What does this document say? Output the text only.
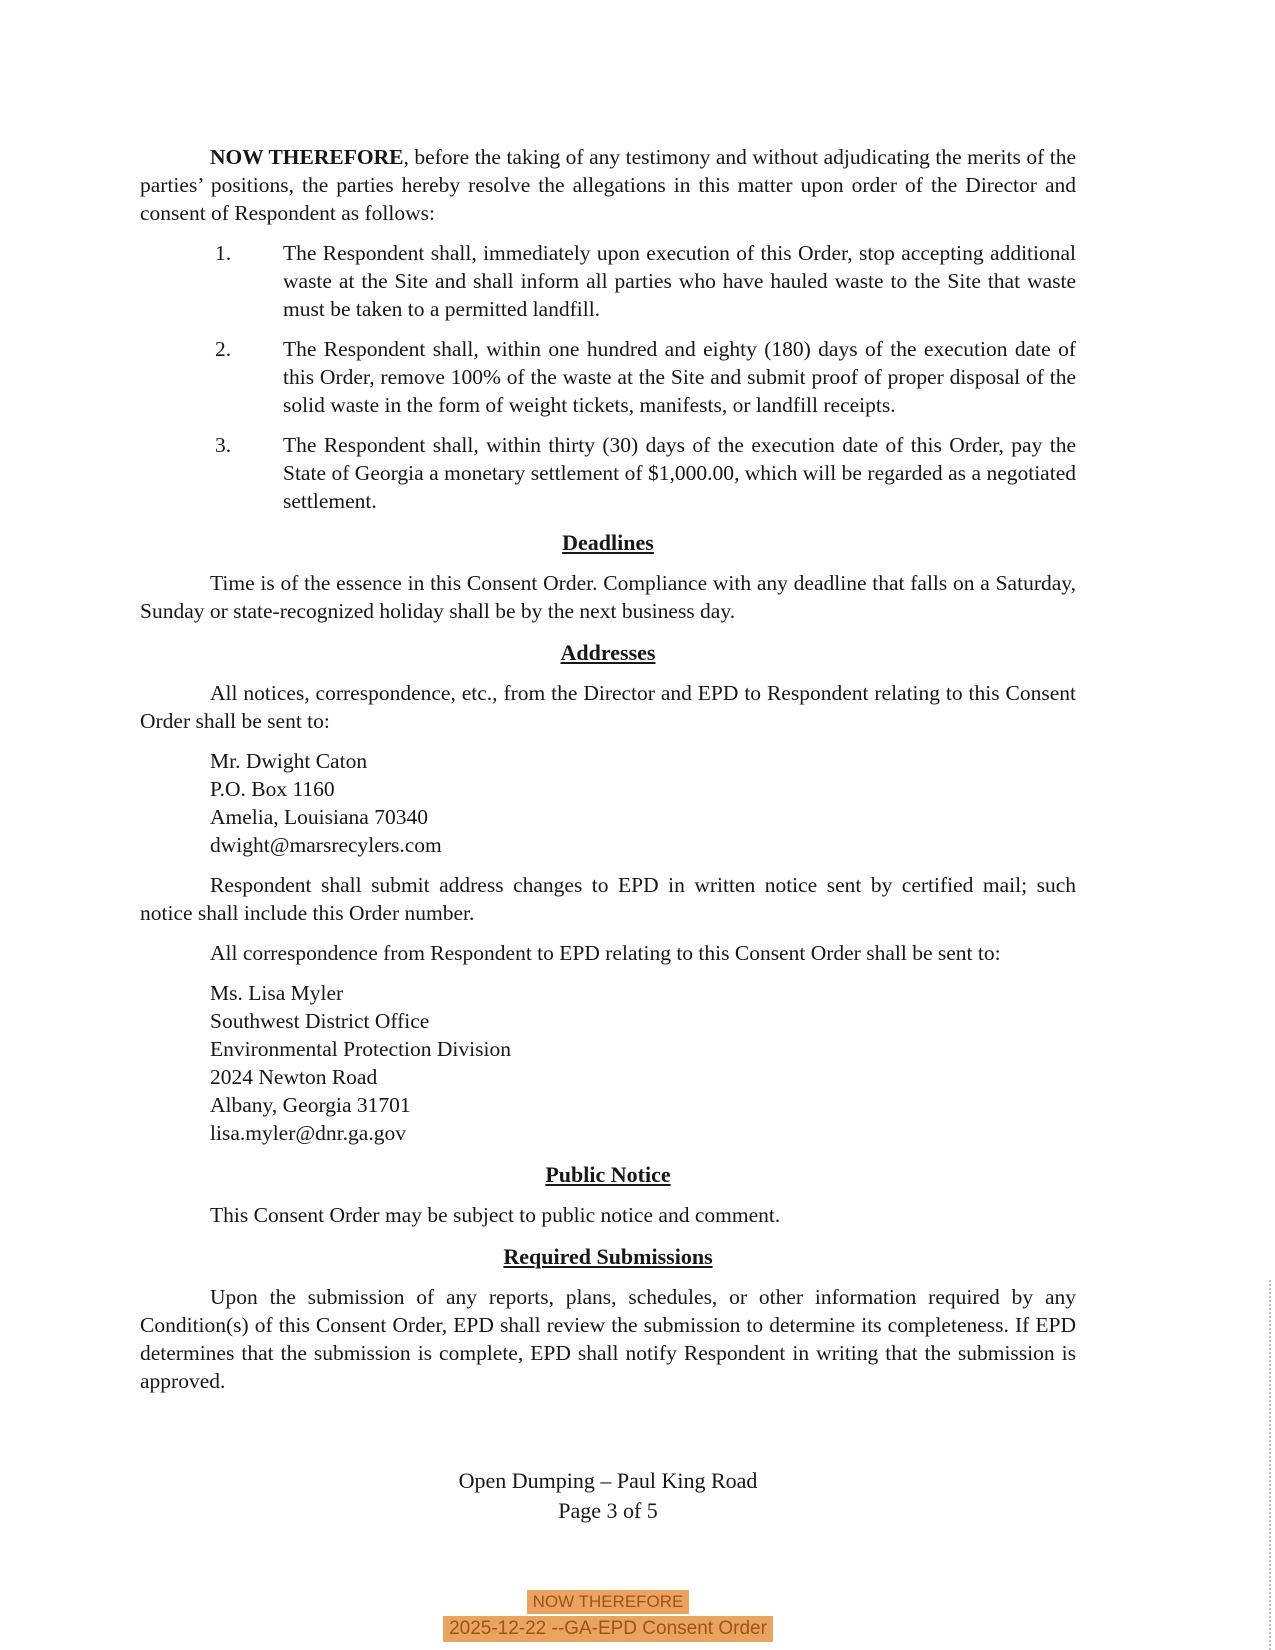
NOW THEREFORE, before the taking of any testimony and without adjudicating the merits of the parties’ positions, the parties hereby resolve the allegations in this matter upon order of the Director and consent of Respondent as follows:

1.	The Respondent shall, immediately upon execution of this Order, stop accepting additional waste at the Site and shall inform all parties who have hauled waste to the Site that waste must be taken to a permitted landfill.
2.	The Respondent shall, within one hundred and eighty (180) days of the execution date of this Order, remove 100% of the waste at the Site and submit proof of proper disposal of the solid waste in the form of weight tickets, manifests, or landfill receipts.
3.	The Respondent shall, within thirty (30) days of the execution date of this Order, pay the State of Georgia a monetary settlement of $1,000.00, which will be regarded as a negotiated settlement.
Deadlines

Time is of the essence in this Consent Order. Compliance with any deadline that falls on a Saturday, Sunday or state-recognized holiday shall be by the next business day.

Addresses

All notices, correspondence, etc., from the Director and EPD to Respondent relating to this Consent Order shall be sent to:

Mr. Dwight Caton
P.O. Box 1160
Amelia, Louisiana 70340
dwight@marsrecylers.com

Respondent shall submit address changes to EPD in written notice sent by certified mail; such notice shall include this Order number.

All correspondence from Respondent to EPD relating to this Consent Order shall be sent to:

Ms. Lisa Myler
Southwest District Office
Environmental Protection Division
2024 Newton Road
Albany, Georgia 31701
lisa.myler@dnr.ga.gov
Public Notice

This Consent Order may be subject to public notice and comment.

Required Submissions

Upon the submission of any reports, plans, schedules, or other information required by any Condition(s) of this Consent Order, EPD shall review the submission to determine its completeness. If EPD determines that the submission is complete, EPD shall notify Respondent in writing that the submission is approved.

Open Dumping – Paul King Road
Page 3 of 5
NOW THEREFORE
2025-12-22 --GA-EPD Consent Order
